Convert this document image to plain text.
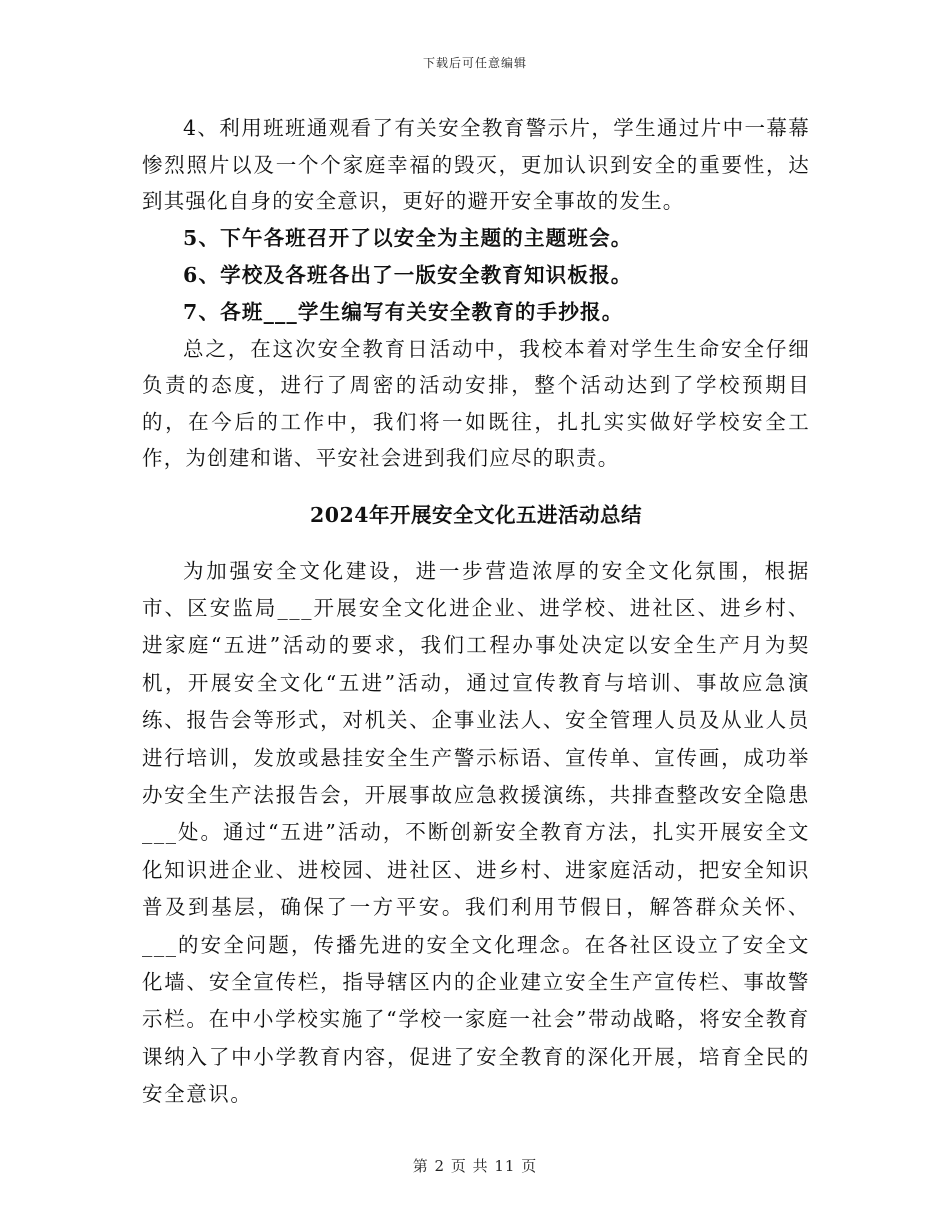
下载后可任意编辑

4、利用班班通观看了有关安全教育警示片，学生通过片中一幕幕惨烈照片以及一个个家庭幸福的毁灭，更加认识到安全的重要性，达到其强化自身的安全意识，更好的避开安全事故的发生。

5、下午各班召开了以安全为主题的主题班会。

6、学校及各班各出了一版安全教育知识板报。

7、各班___学生编写有关安全教育的手抄报。

总之，在这次安全教育日活动中，我校本着对学生生命安全仔细负责的态度，进行了周密的活动安排，整个活动达到了学校预期目的，在今后的工作中，我们将一如既往，扎扎实实做好学校安全工作，为创建和谐、平安社会进到我们应尽的职责。

2024年开展安全文化五进活动总结

为加强安全文化建设，进一步营造浓厚的安全文化氛围，根据市、区安监局___开展安全文化进企业、进学校、进社区、进乡村、进家庭“五进”活动的要求，我们工程办事处决定以安全生产月为契机，开展安全文化“五进”活动，通过宣传教育与培训、事故应急演练、报告会等形式，对机关、企事业法人、安全管理人员及从业人员进行培训，发放或悬挂安全生产警示标语、宣传单、宣传画，成功举办安全生产法报告会，开展事故应急救援演练，共排查整改安全隐患___处。通过“五进”活动，不断创新安全教育方法，扎实开展安全文化知识进企业、进校园、进社区、进乡村、进家庭活动，把安全知识普及到基层，确保了一方平安。我们利用节假日，解答群众关怀、___的安全问题，传播先进的安全文化理念。在各社区设立了安全文化墙、安全宣传栏，指导辖区内的企业建立安全生产宣传栏、事故警示栏。在中小学校实施了“学校一家庭一社会”带动战略，将安全教育课纳入了中小学教育内容，促进了安全教育的深化开展，培育全民的安全意识。

第 2 页 共 11 页
